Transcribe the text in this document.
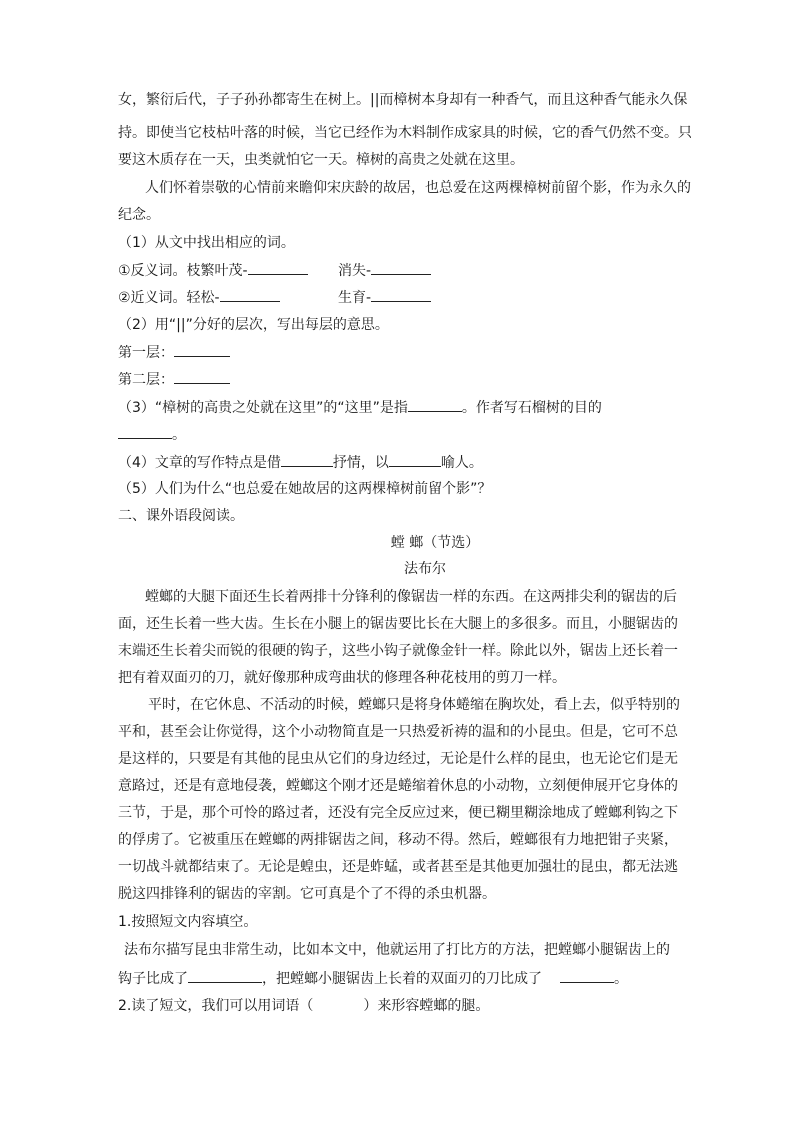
女，繁衍后代，子子孙孙都寄生在树上。||而樟树本身却有一种香气，而且这种香气能永久保
持。即使当它枝枯叶落的时候，当它已经作为木料制作成家具的时候，它的香气仍然不变。只
要这木质存在一天，虫类就怕它一天。樟树的高贵之处就在这里。
人们怀着崇敬的心情前来瞻仰宋庆龄的故居，也总爱在这两棵樟树前留个影，作为永久的
纪念。
（1）从文中找出相应的词。
①反义词。枝繁叶茂-	消失-
②近义词。轻松-	生育-
（2）用“||”分好的层次，写出每层的意思。
第一层：
第二层：
（3）“樟树的高贵之处就在这里”的“这里”是指	。作者写石榴树的目的
。
（4）文章的写作特点是借	抒情，以	喻人。
（5）人们为什么“也总爱在她故居的这两棵樟树前留个影”？
二、课外语段阅读。
螳 螂（节选）
法布尔
螳螂的大腿下面还生长着两排十分锋利的像锯齿一样的东西。在这两排尖利的锯齿的后
面，还生长着一些大齿。生长在小腿上的锯齿要比长在大腿上的多很多。而且，小腿锯齿的
末端还生长着尖而锐的很硬的钩子，这些小钩子就像金针一样。除此以外，锯齿上还长着一
把有着双面刃的刀，就好像那种成弯曲状的修理各种花枝用的剪刀一样。
平时，在它休息、不活动的时候，螳螂只是将身体蜷缩在胸坎处，看上去，似乎特别的
平和，甚至会让你觉得，这个小动物简直是一只热爱祈祷的温和的小昆虫。但是，它可不总
是这样的，只要是有其他的昆虫从它们的身边经过，无论是什么样的昆虫，也无论它们是无
意路过，还是有意地侵袭，螳螂这个刚才还是蜷缩着休息的小动物，立刻便伸展开它身体的
三节，于是，那个可怜的路过者，还没有完全反应过来，便已糊里糊涂地成了螳螂利钩之下
的俘虏了。它被重压在螳螂的两排锯齿之间，移动不得。然后，螳螂很有力地把钳子夹紧，
一切战斗就都结束了。无论是蝗虫，还是蚱蜢，或者甚至是其他更加强壮的昆虫，都无法逃
脱这四排锋利的锯齿的宰割。它可真是个了不得的杀虫机器。
1.按照短文内容填空。
法布尔描写昆虫非常生动，比如本文中，他就运用了打比方的方法，把螳螂小腿锯齿上的
钩子比成了	，把螳螂小腿锯齿上长着的双面刃的刀比成了	。
2.读了短文，我们可以用词语（	）来形容螳螂的腿。
